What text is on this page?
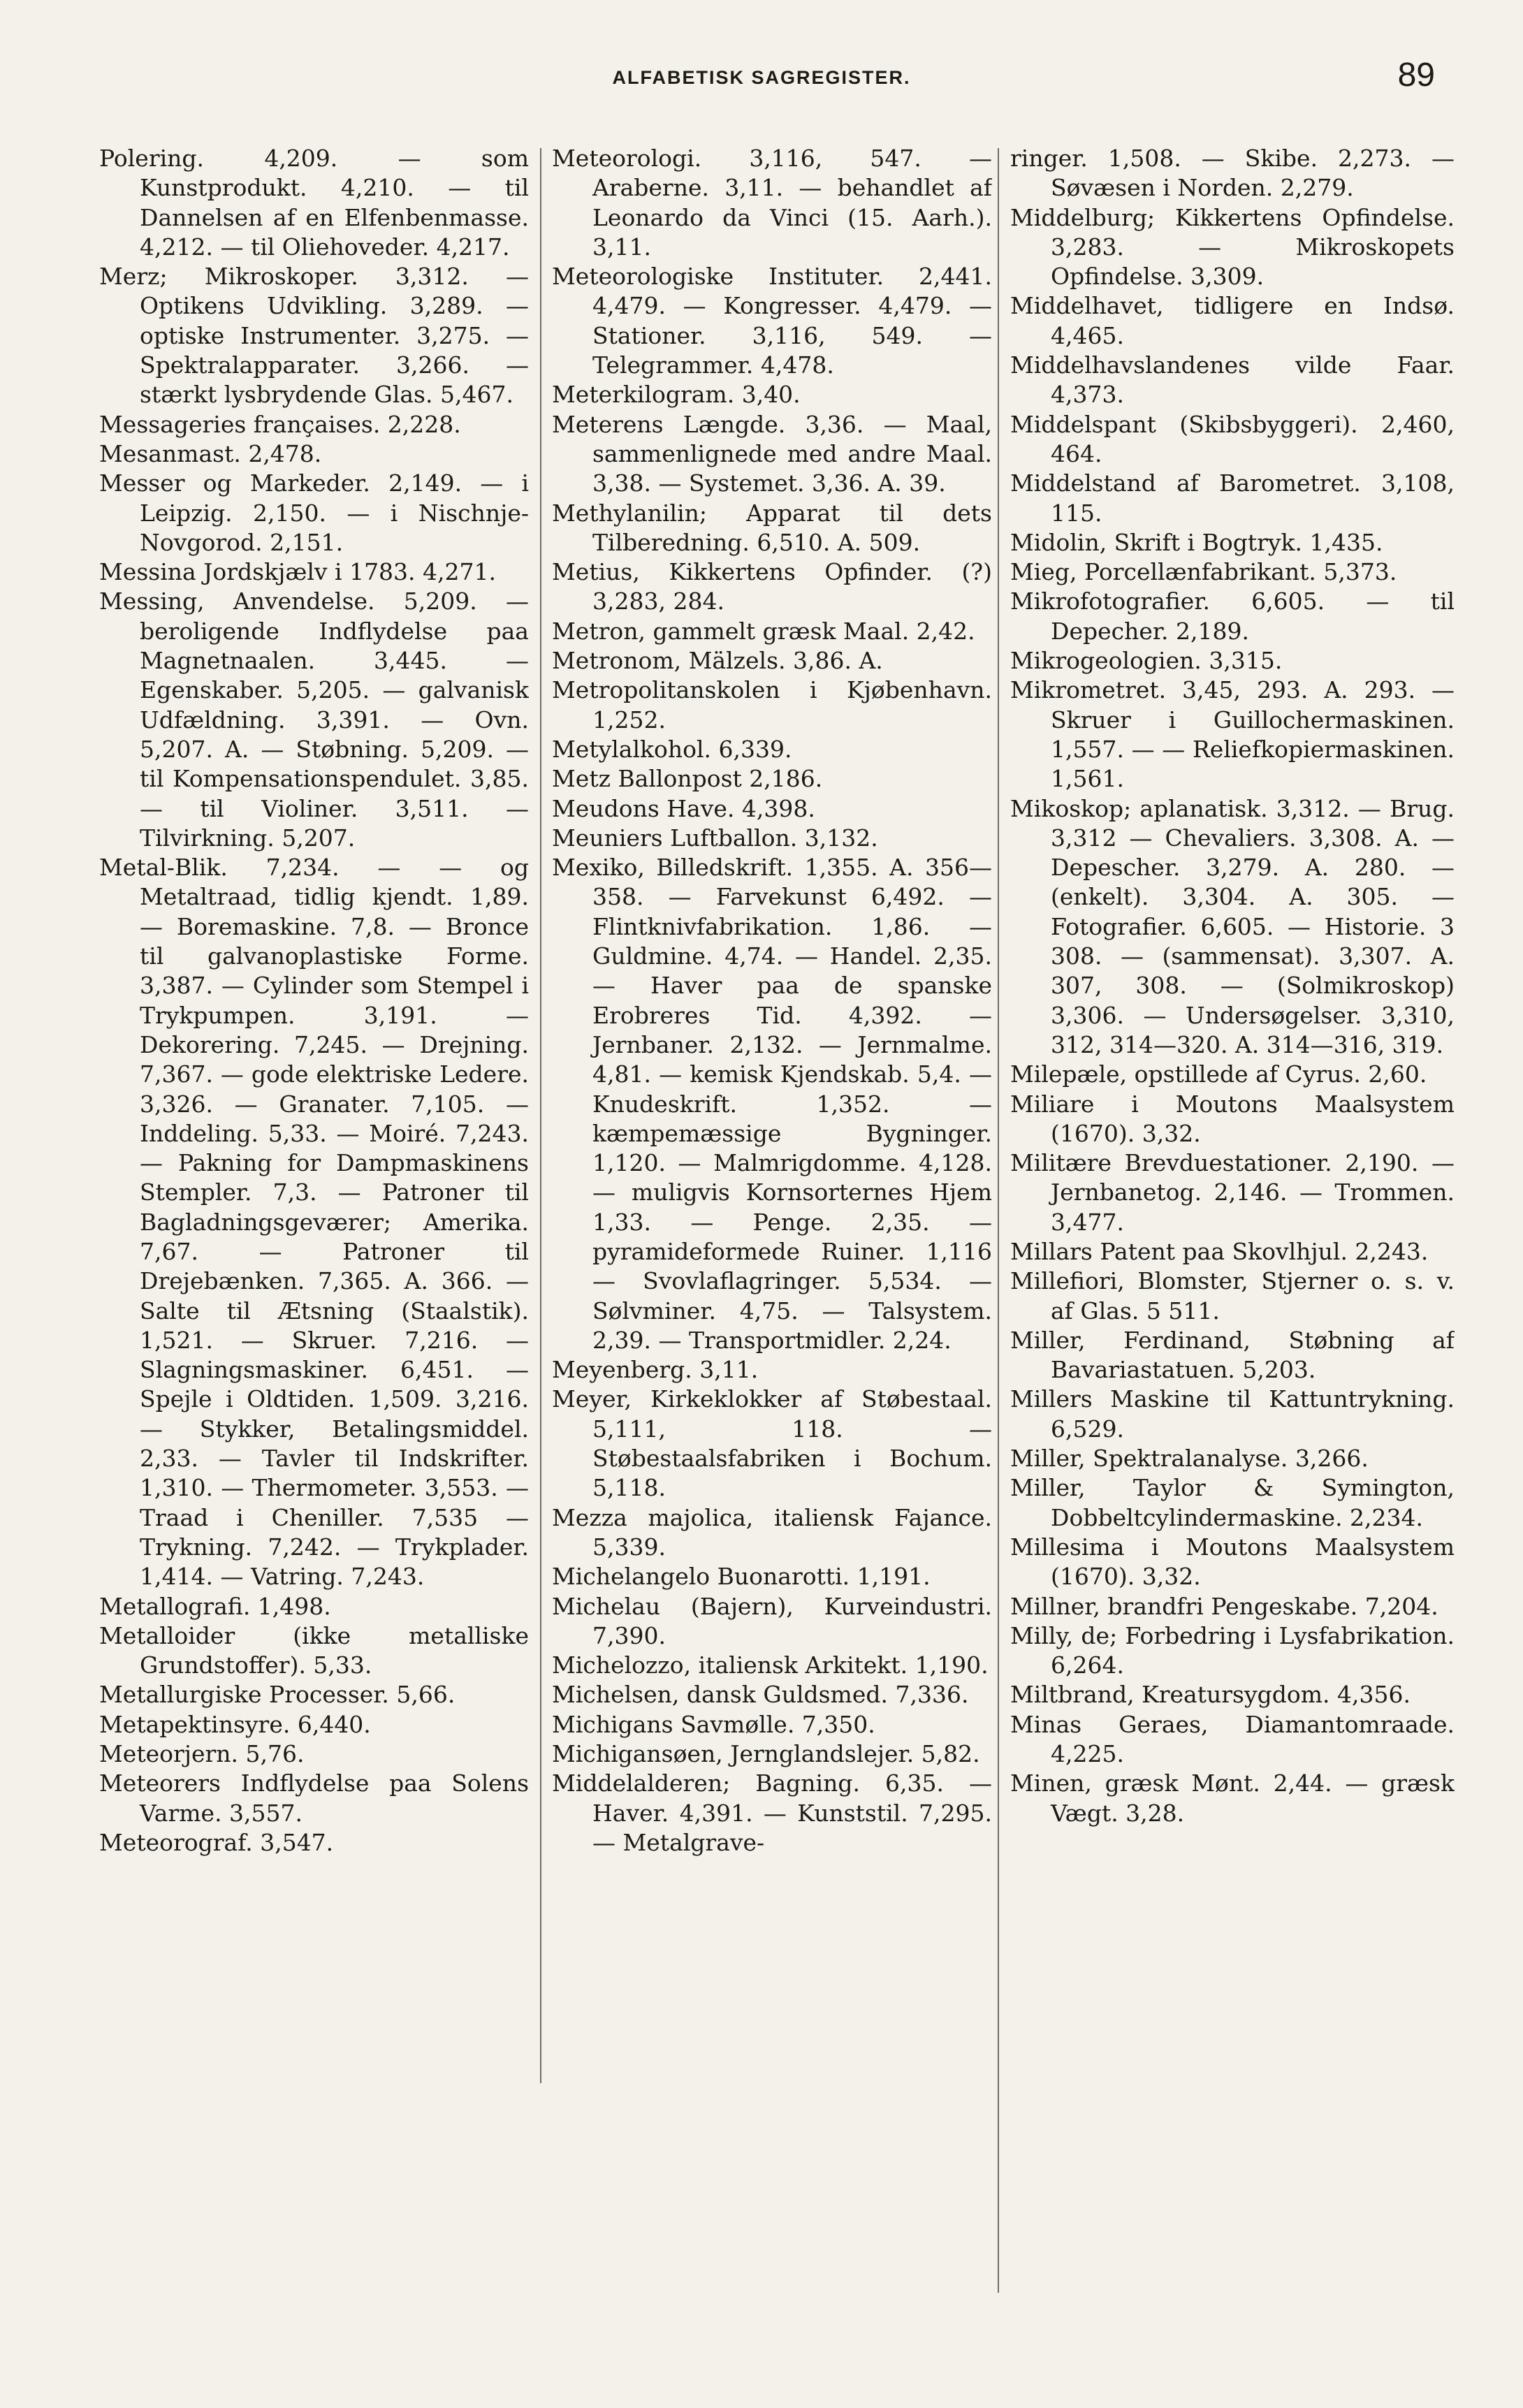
ALFABETISK SAGREGISTER.	89

Polering. 4,209. — som Kunstprodukt. 4,210. — til Dannelsen af en Elfenbenmasse. 4,212. — til Oliehoveder. 4,217.

Merz; Mikroskoper. 3,312. — Optikens Udvikling. 3,289. — optiske Instrumenter. 3,275. — Spektralapparater. 3,266. — stærkt lysbrydende Glas. 5,467.

Messageries françaises. 2,228.

Mesanmast. 2,478.

Messer og Markeder. 2,149. — i Leipzig. 2,150. — i Nischnje-Novgorod. 2,151.

Messina Jordskjælv i 1783. 4,271.

Messing, Anvendelse. 5,209. — beroligende Indflydelse paa Magnetnaalen. 3,445. — Egenskaber. 5,205. — galvanisk Udfældning. 3,391. — Ovn. 5,207. A. — Støbning. 5,209. — til Kompensationspendulet. 3,85. — til Violiner. 3,511. — Tilvirkning. 5,207.

Metal-Blik. 7,234. — — og Metaltraad, tidlig kjendt. 1,89. — Boremaskine. 7,8. — Bronce til galvanoplastiske Forme. 3,387. — Cylinder som Stempel i Trykpumpen. 3,191. — Dekorering. 7,245. — Drejning. 7,367. — gode elektriske Ledere. 3,326. — Granater. 7,105. — Inddeling. 5,33. — Moiré. 7,243. — Pakning for Dampmaskinens Stempler. 7,3. — Patroner til Bagladningsgeværer; Amerika. 7,67. — Patroner til Drejebænken. 7,365. A. 366. — Salte til Ætsning (Staalstik). 1,521. — Skruer. 7,216. — Slagningsmaskiner. 6,451. — Spejle i Oldtiden. 1,509. 3,216. — Stykker, Betalingsmiddel. 2,33. — Tavler til Indskrifter. 1,310. — Thermometer. 3,553. — Traad i Cheniller. 7,535 — Trykning. 7,242. — Trykplader. 1,414. — Vatring. 7,243.

Metallografi. 1,498.

Metalloider (ikke metalliske Grundstoffer). 5,33.

Metallurgiske Processer. 5,66.

Metapektinsyre. 6,440.

Meteorjern. 5,76.

Meteorers Indflydelse paa Solens Varme. 3,557.

Meteorograf. 3,547.

Meteorologi. 3,116, 547. — Araberne. 3,11. — behandlet af Leonardo da Vinci (15. Aarh.). 3,11.

Meteorologiske Instituter. 2,441. 4,479. — Kongresser. 4,479. — Stationer. 3,116, 549. — Telegrammer. 4,478.

Meterkilogram. 3,40.

Meterens Længde. 3,36. — Maal, sammenlignede med andre Maal. 3,38. — Systemet. 3,36. A. 39.

Methylanilin; Apparat til dets Tilberedning. 6,510. A. 509.

Metius, Kikkertens Opfinder. (?) 3,283, 284.

Metron, gammelt græsk Maal. 2,42.

Metronom, Mälzels. 3,86. A.

Metropolitanskolen i Kjøbenhavn. 1,252.

Metylalkohol. 6,339.

Metz Ballonpost 2,186.

Meudons Have. 4,398.

Meuniers Luftballon. 3,132.

Mexiko, Billedskrift. 1,355. A. 356—358. — Farvekunst 6,492. — Flintknivfabrikation. 1,86. — Guldmine. 4,74. — Handel. 2,35. — Haver paa de spanske Erobreres Tid. 4,392. — Jernbaner. 2,132. — Jernmalme. 4,81. — kemisk Kjendskab. 5,4. — Knudeskrift. 1,352. — kæmpemæssige Bygninger. 1,120. — Malmrigdomme. 4,128. — muligvis Kornsorternes Hjem 1,33. — Penge. 2,35. — pyramideformede Ruiner. 1,116 — Svovlaflagringer. 5,534. — Sølvminer. 4,75. — Talsystem. 2,39. — Transportmidler. 2,24.

Meyenberg. 3,11.

Meyer, Kirkeklokker af Støbestaal. 5,111, 118. — Støbestaalsfabriken i Bochum. 5,118.

Mezza majolica, italiensk Fajance. 5,339.

Michelangelo Buonarotti. 1,191.

Michelau (Bajern), Kurveindustri. 7,390.

Michelozzo, italiensk Arkitekt. 1,190.

Michelsen, dansk Guldsmed. 7,336.

Michigans Savmølle. 7,350.

Michigansøen, Jernglandslejer. 5,82.

Middelalderen; Bagning. 6,35. — Haver. 4,391. — Kunststil. 7,295. — Metalgrave-

ringer. 1,508. — Skibe. 2,273. — Søvæsen i Norden. 2,279.

Middelburg; Kikkertens Opfindelse. 3,283. — Mikroskopets Opfindelse. 3,309.

Middelhavet, tidligere en Indsø. 4,465.

Middelhavslandenes vilde Faar. 4,373.

Middelspant (Skibsbyggeri). 2,460, 464.

Middelstand af Barometret. 3,108, 115.

Midolin, Skrift i Bogtryk. 1,435.

Mieg, Porcellænfabrikant. 5,373.

Mikrofotografier. 6,605. — til Depecher. 2,189.

Mikrogeologien. 3,315.

Mikrometret. 3,45, 293. A. 293. — Skruer i Guillochermaskinen. 1,557. — — Reliefkopiermaskinen. 1,561.

Mikoskop; aplanatisk. 3,312. — Brug. 3,312 — Chevaliers. 3,308. A. — Depescher. 3,279. A. 280. — (enkelt). 3,304. A. 305. — Fotografier. 6,605. — Historie. 3 308. — (sammensat). 3,307. A. 307, 308. — (Solmikroskop) 3,306. — Undersøgelser. 3,310, 312, 314—320. A. 314—316, 319.

Milepæle, opstillede af Cyrus. 2,60.

Miliare i Moutons Maalsystem (1670). 3,32.

Militære Brevduestationer. 2,190. — Jernbanetog. 2,146. — Trommen. 3,477.

Millars Patent paa Skovlhjul. 2,243.

Millefiori, Blomster, Stjerner o. s. v. af Glas. 5 511.

Miller, Ferdinand, Støbning af Bavariastatuen. 5,203.

Millers Maskine til Kattuntrykning. 6,529.

Miller, Spektralanalyse. 3,266.

Miller, Taylor & Symington, Dobbeltcylindermaskine. 2,234.

Millesima i Moutons Maalsystem (1670). 3,32.

Millner, brandfri Pengeskabe. 7,204.

Milly, de; Forbedring i Lysfabrikation. 6,264.

Miltbrand, Kreatursygdom. 4,356.

Minas Geraes, Diamantomraade. 4,225.

Minen, græsk Mønt. 2,44. — græsk Vægt. 3,28.
